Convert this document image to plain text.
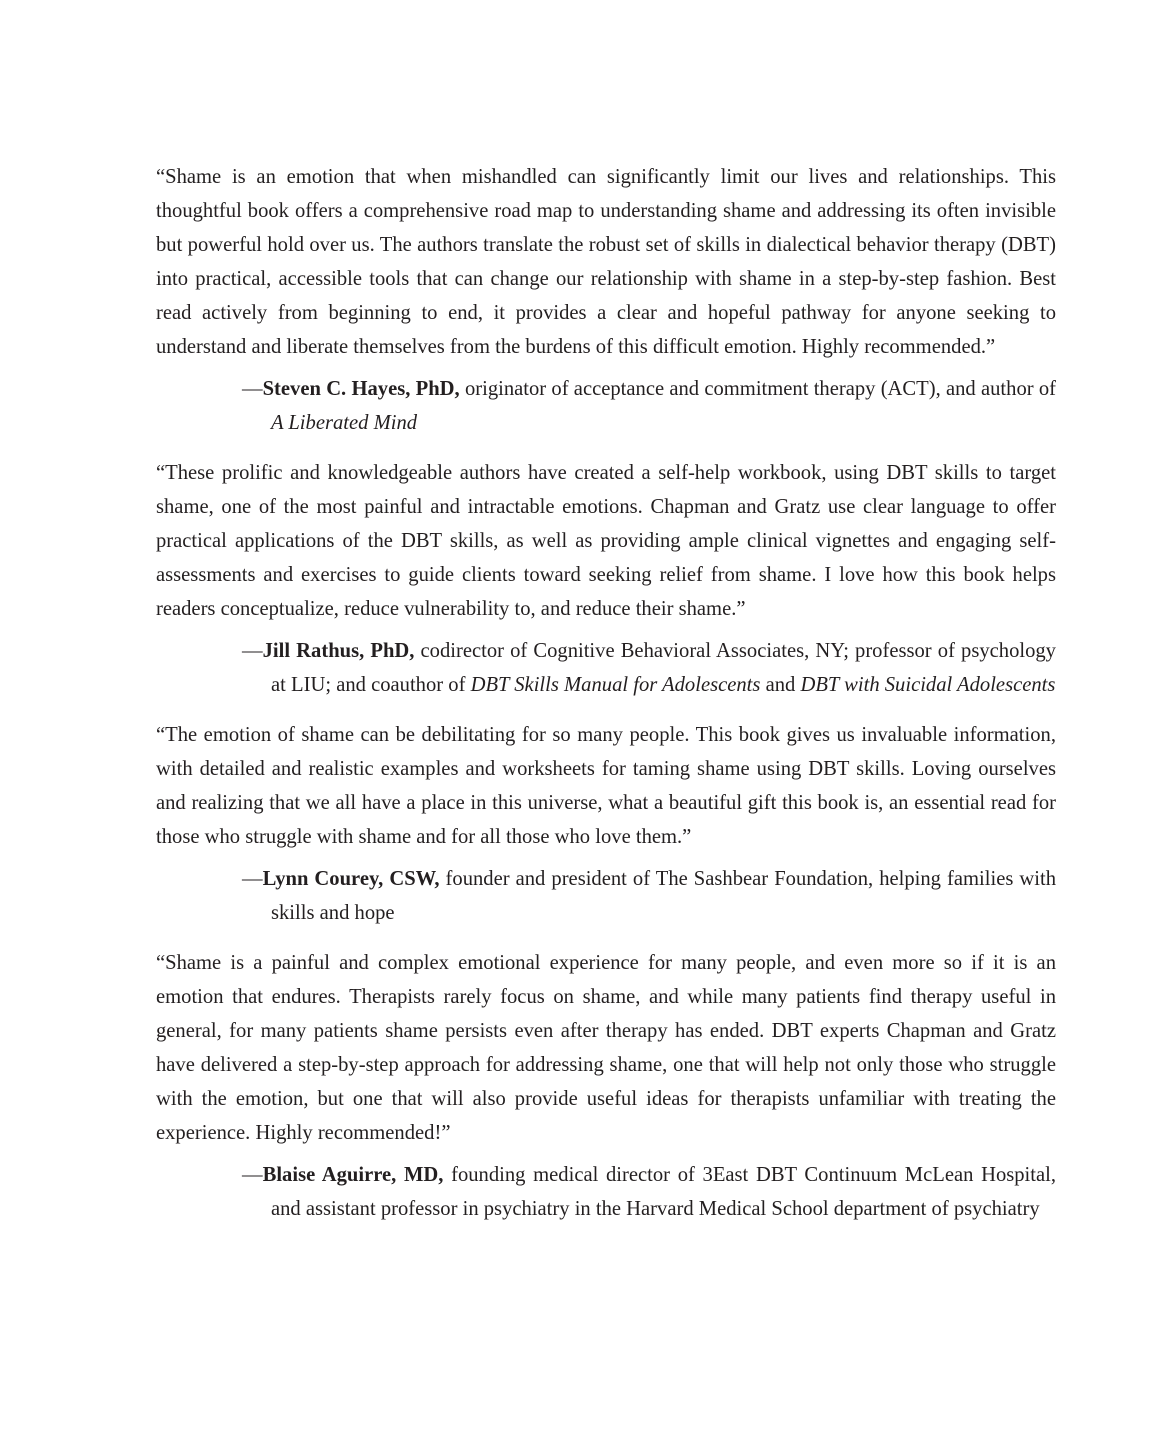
“Shame is an emotion that when mishandled can significantly limit our lives and relationships. This thoughtful book offers a comprehensive road map to understanding shame and addressing its often invisible but powerful hold over us. The authors translate the robust set of skills in dialectical behavior therapy (DBT) into practical, accessible tools that can change our relationship with shame in a step-by-step fashion. Best read actively from beginning to end, it provides a clear and hopeful pathway for anyone seeking to understand and liberate themselves from the burdens of this difficult emotion. Highly recommended.”

—Steven C. Hayes, PhD, originator of acceptance and commitment therapy (ACT), and author of A Liberated Mind

“These prolific and knowledgeable authors have created a self-help workbook, using DBT skills to target shame, one of the most painful and intractable emotions. Chapman and Gratz use clear language to offer practical applications of the DBT skills, as well as providing ample clinical vignettes and engaging self-assessments and exercises to guide clients toward seeking relief from shame. I love how this book helps readers conceptualize, reduce vulnerability to, and reduce their shame.”

—Jill Rathus, PhD, codirector of Cognitive Behavioral Associates, NY; professor of psychology at LIU; and coauthor of DBT Skills Manual for Adolescents and DBT with Suicidal Adolescents

“The emotion of shame can be debilitating for so many people. This book gives us invaluable information, with detailed and realistic examples and worksheets for taming shame using DBT skills. Loving ourselves and realizing that we all have a place in this universe, what a beautiful gift this book is, an essential read for those who struggle with shame and for all those who love them.”

—Lynn Courey, CSW, founder and president of The Sashbear Foundation, helping families with skills and hope

“Shame is a painful and complex emotional experience for many people, and even more so if it is an emotion that endures. Therapists rarely focus on shame, and while many patients find therapy useful in general, for many patients shame persists even after therapy has ended. DBT experts Chapman and Gratz have delivered a step-by-step approach for addressing shame, one that will help not only those who struggle with the emotion, but one that will also provide useful ideas for therapists unfamiliar with treating the experience. Highly recommended!”

—Blaise Aguirre, MD, founding medical director of 3East DBT Continuum McLean Hospital, and assistant professor in psychiatry in the Harvard Medical School department of psychiatry
